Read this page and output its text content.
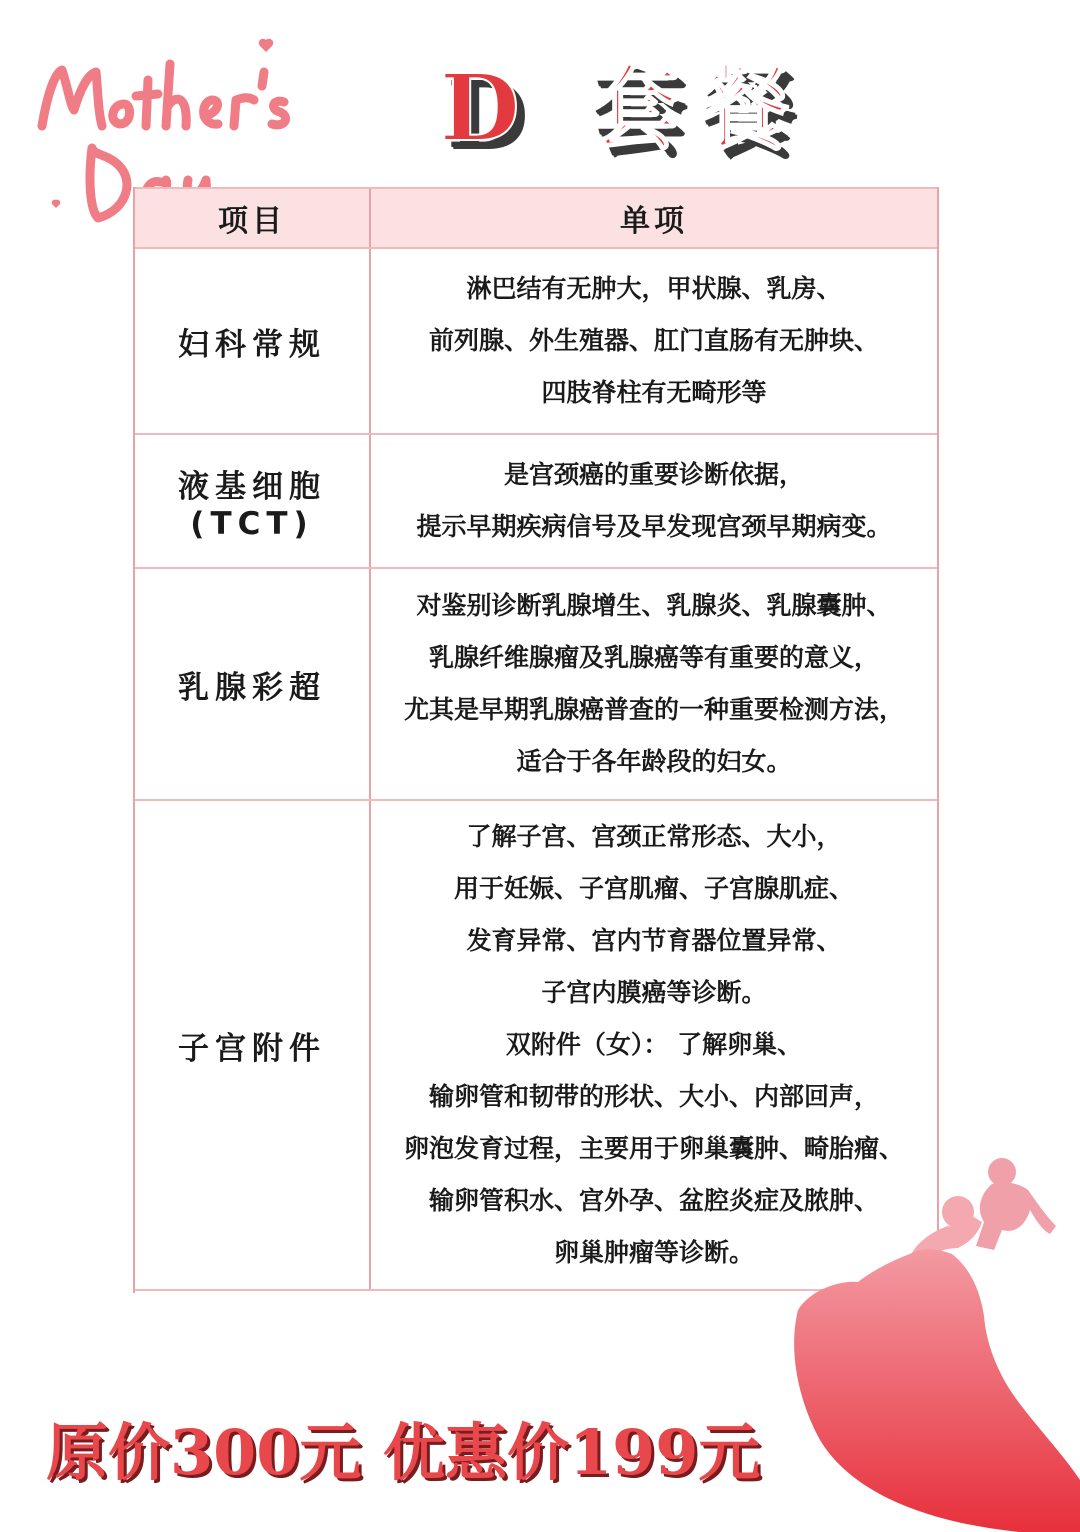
D 套餐
项目	单项
妇科常规
淋巴结有无肿大，甲状腺、乳房、
前列腺、外生殖器、肛门直肠有无肿块、
四肢脊柱有无畸形等
液基细胞
(TCT)
是宫颈癌的重要诊断依据，
提示早期疾病信号及早发现宫颈早期病变。
乳腺彩超
对鉴别诊断乳腺增生、乳腺炎、乳腺囊肿、
乳腺纤维腺瘤及乳腺癌等有重要的意义，
尤其是早期乳腺癌普查的一种重要检测方法，
适合于各年龄段的妇女。
子宫附件
了解子宫、宫颈正常形态、大小，
用于妊娠、子宫肌瘤、子宫腺肌症、
发育异常、宫内节育器位置异常、
子宫内膜癌等诊断。
双附件（女）： 了解卵巢、
输卵管和韧带的形状、大小、内部回声，
卵泡发育过程，主要用于卵巢囊肿、畸胎瘤、
输卵管积水、宫外孕、盆腔炎症及脓肿、
卵巢肿瘤等诊断。
原价300元 优惠价199元
